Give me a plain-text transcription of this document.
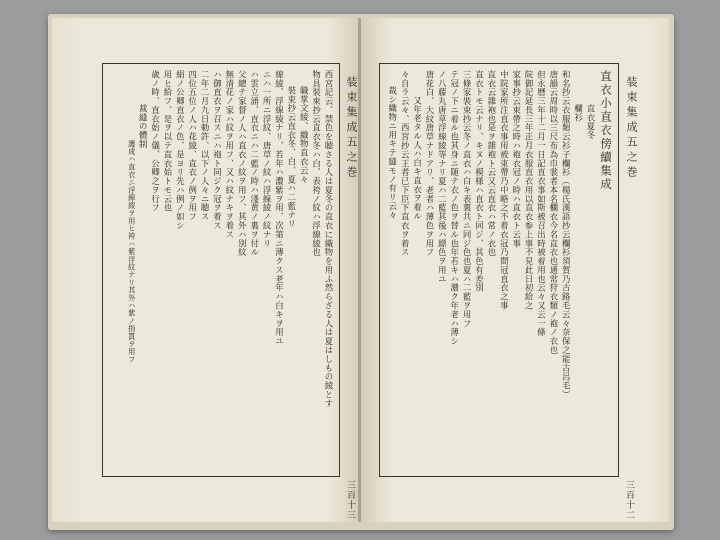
装束集成五之巻
三百十三
西宮記云、禁色を聴さる人は夏冬の直衣に織物を用ふ然らざる人は夏はしもの綾とす
物具裝束抄云直衣冬ハ白、表袴ノ紋ハ浮線綾也
職掌文綾、織物直衣云々
裝束抄云直衣冬、白、夏ハ二藍ナリ
線綾、浮線綾ナリ、若年ハ濃紫ヲ用、次第ニ薄クス老年ハ白キヲ用ユ
ニハ一所ニ浮紋、唐草ノ紋ハ浮線綾ノ紋ナリ
ハ雲立涌、直衣ニハ二藍ノ時ハ淺黄ノ裏ヲ付ル
父總テ家督ノ人ハ直衣ノ紋ヲ用フ、其外ハ別紋
無清花ノ家ハ紋ヲ用フ、又ハ紋ナキヲ着ス
ハ御直衣ヲ召スニハ袍ト同ジク冠ヲ着ス
二年二月九日勅許、以下ノ人々ニ聴ス
四位五位ノ人ハ花綾、直衣ノ例ヲ用フ
絹ノ公卿直衣ノ色、是ヨリ先ハ例ノ如シ
用ヒ給フ、是ヲ以テ直衣始トモ云也
歳ノ時、直衣始ノ儀、公卿之ヲ行フ
裁縫の體制
護成ハ直衣ニ浮線綾ヲ用ヒ袴ハ紫浮紋ナリ其外ハ紫ノ指貫ヲ用フ
装束集成五之巻
三百十二
直衣小直衣傍續集成
直衣夏冬
欄衫
和名抄云衣服類云衫子欄衫（楊氏漢語抄云欄衫須賀乃古路毛云々奈保之能古呂毛）
唐韻云周時以三尺布為巾裳者本名欄衣今名直衣也通常狩衣類ノ袍ノ衣也
但永曆三年十二月一日記直衣事如斯被召出時被着用也云々又云一條
院御記延長三年正月衣服直衣用以直衣参上事不見此日初給之
家事抄云束帶之時ハ袍衣冠ノ時ハ直衣ト云事
中院家所注直衣事用被束帶乃中略之不着衣冠乃間冠直衣之事
直衣云雜袍也是ヲ雜袍ト云又云直衣ハ常ノ衣也
直衣トモ云ナリ、キヌノ模様ハ直衣ト同ジ、其色有差別
三條家裝束抄云冬ノ直衣ハ白キ表裏共ニ同ジ色也夏ハ二藍ヲ用フ
テ冠ノ下ニ着ル也其身ニ随テ衣ノ色ヲ替ル也年若キハ濃ク年老ハ薄シ
ノ八藤丸唐草浮線綾等ナリ夏ハ二藍其後ハ縹色ヲ用ユ
唐花白、大紋唐草ナドアリ、老者ハ薄色ヲ用フ
又年老タル人ハ白キ直衣ヲ着ル
々自ラ云々、西宮抄云王者已下臣下直衣ヲ着ス
裁シ織物ニ用キテ縫モノ有リ云々
